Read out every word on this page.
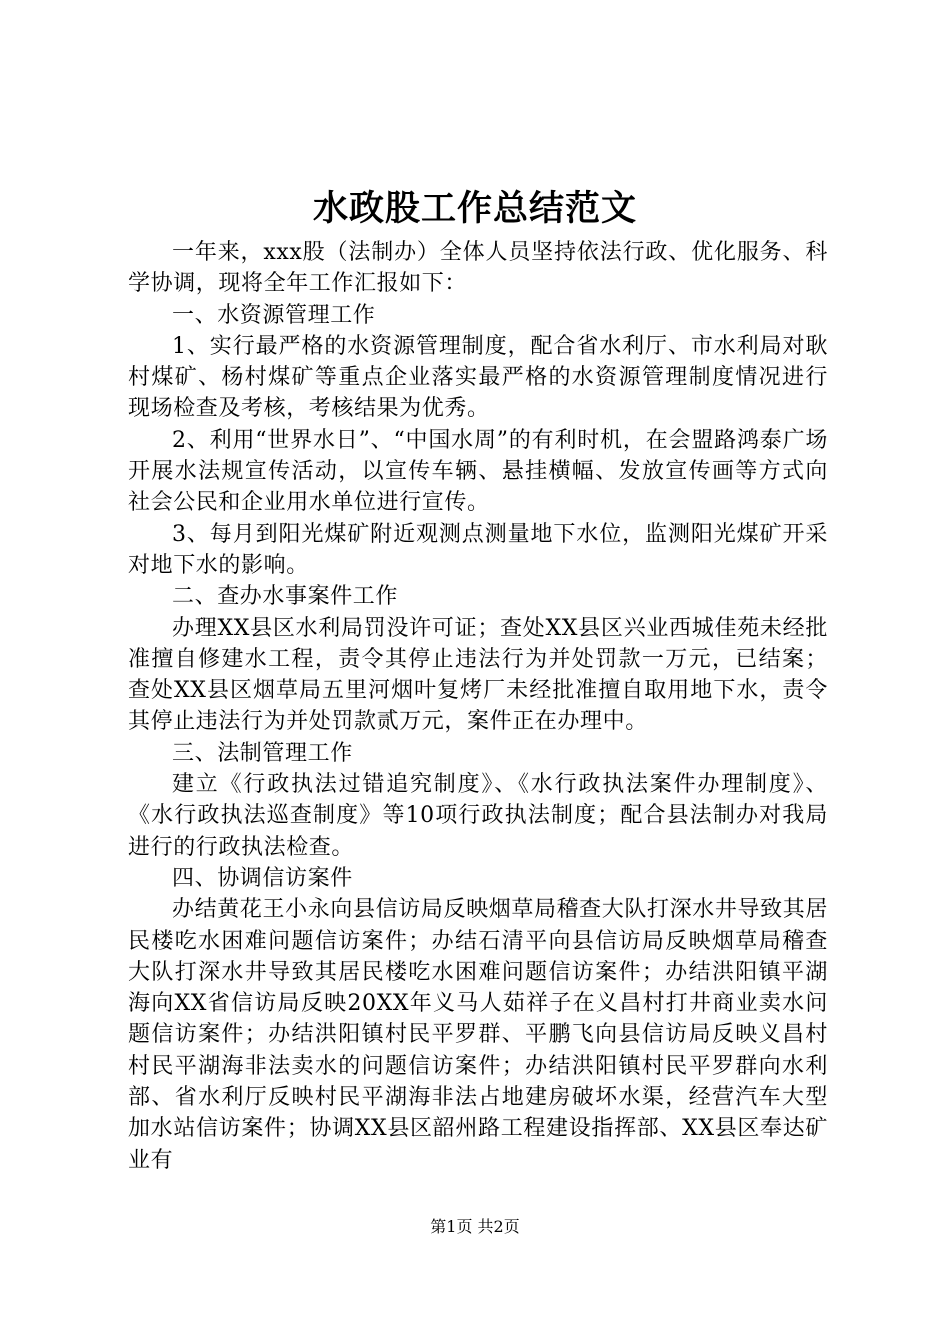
水政股工作总结范文

一年来，xxx股（法制办）全体人员坚持依法行政、优化服务、科学协调，现将全年工作汇报如下：

一、水资源管理工作

1、实行最严格的水资源管理制度，配合省水利厅、市水利局对耿村煤矿、杨村煤矿等重点企业落实最严格的水资源管理制度情况进行现场检查及考核，考核结果为优秀。

2、利用“世界水日”、“中国水周”的有利时机，在会盟路鸿泰广场开展水法规宣传活动，以宣传车辆、悬挂横幅、发放宣传画等方式向社会公民和企业用水单位进行宣传。

3、每月到阳光煤矿附近观测点测量地下水位，监测阳光煤矿开采对地下水的影响。

二、查办水事案件工作

办理XX县区水利局罚没许可证；查处XX县区兴业西城佳苑未经批准擅自修建水工程，责令其停止违法行为并处罚款一万元，已结案；查处XX县区烟草局五里河烟叶复烤厂未经批准擅自取用地下水，责令其停止违法行为并处罚款贰万元，案件正在办理中。

三、法制管理工作

建立《行政执法过错追究制度》、《水行政执法案件办理制度》、《水行政执法巡查制度》等10项行政执法制度；配合县法制办对我局进行的行政执法检查。

四、协调信访案件

办结黄花王小永向县信访局反映烟草局稽查大队打深水井导致其居民楼吃水困难问题信访案件；办结石清平向县信访局反映烟草局稽查大队打深水井导致其居民楼吃水困难问题信访案件；办结洪阳镇平湖海向XX省信访局反映20XX年义马人茹祥子在义昌村打井商业卖水问题信访案件；办结洪阳镇村民平罗群、平鹏飞向县信访局反映义昌村村民平湖海非法卖水的问题信访案件；办结洪阳镇村民平罗群向水利部、省水利厅反映村民平湖海非法占地建房破坏水渠，经营汽车大型加水站信访案件；协调XX县区韶州路工程建设指挥部、XX县区奉达矿业有

第1页 共2页
